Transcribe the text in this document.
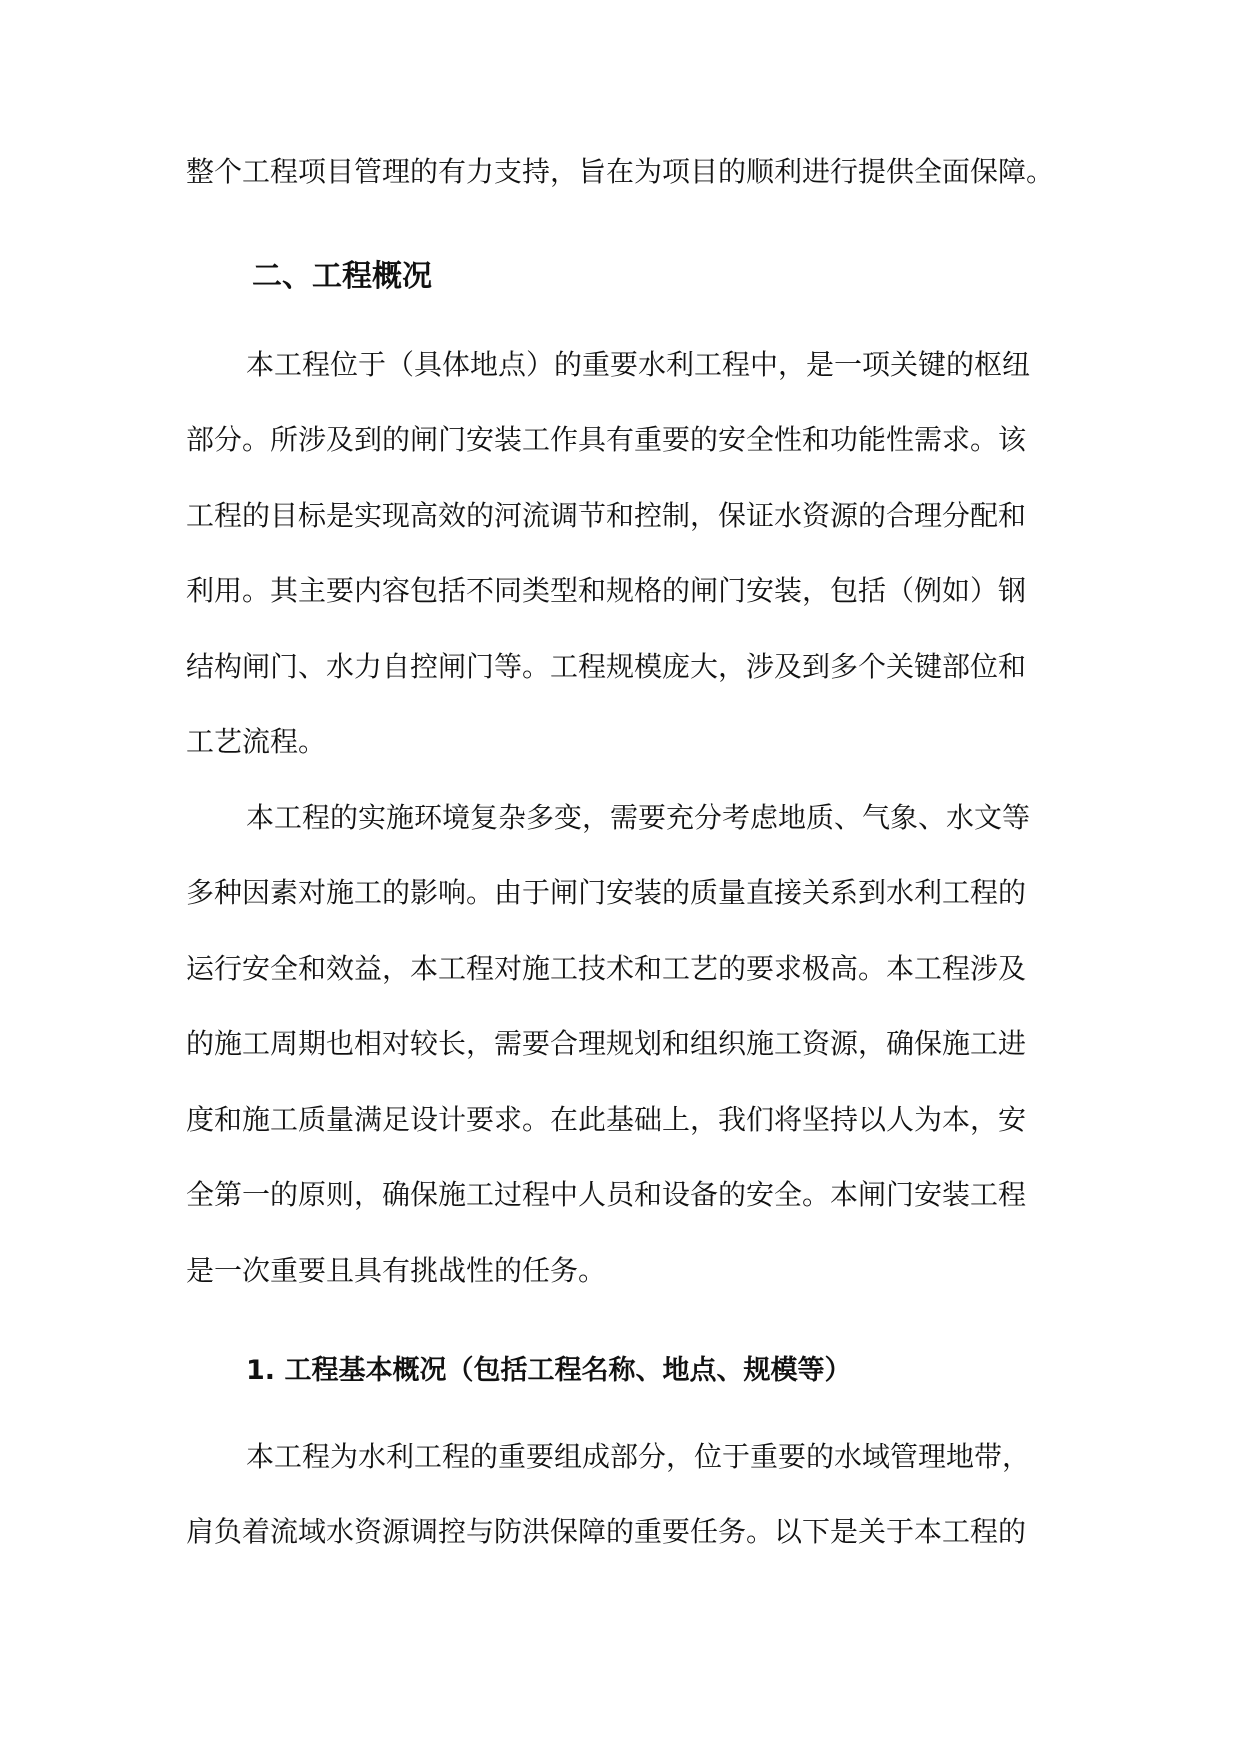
整个工程项目管理的有力支持，旨在为项目的顺利进行提供全面保障。
二、工程概况
本工程位于（具体地点）的重要水利工程中，是一项关键的枢纽
部分。所涉及到的闸门安装工作具有重要的安全性和功能性需求。该
工程的目标是实现高效的河流调节和控制，保证水资源的合理分配和
利用。其主要内容包括不同类型和规格的闸门安装，包括（例如）钢
结构闸门、水力自控闸门等。工程规模庞大，涉及到多个关键部位和
工艺流程。
本工程的实施环境复杂多变，需要充分考虑地质、气象、水文等
多种因素对施工的影响。由于闸门安装的质量直接关系到水利工程的
运行安全和效益，本工程对施工技术和工艺的要求极高。本工程涉及
的施工周期也相对较长，需要合理规划和组织施工资源，确保施工进
度和施工质量满足设计要求。在此基础上，我们将坚持以人为本，安
全第一的原则，确保施工过程中人员和设备的安全。本闸门安装工程
是一次重要且具有挑战性的任务。
1. 工程基本概况（包括工程名称、地点、规模等）
本工程为水利工程的重要组成部分，位于重要的水域管理地带，
肩负着流域水资源调控与防洪保障的重要任务。以下是关于本工程的
